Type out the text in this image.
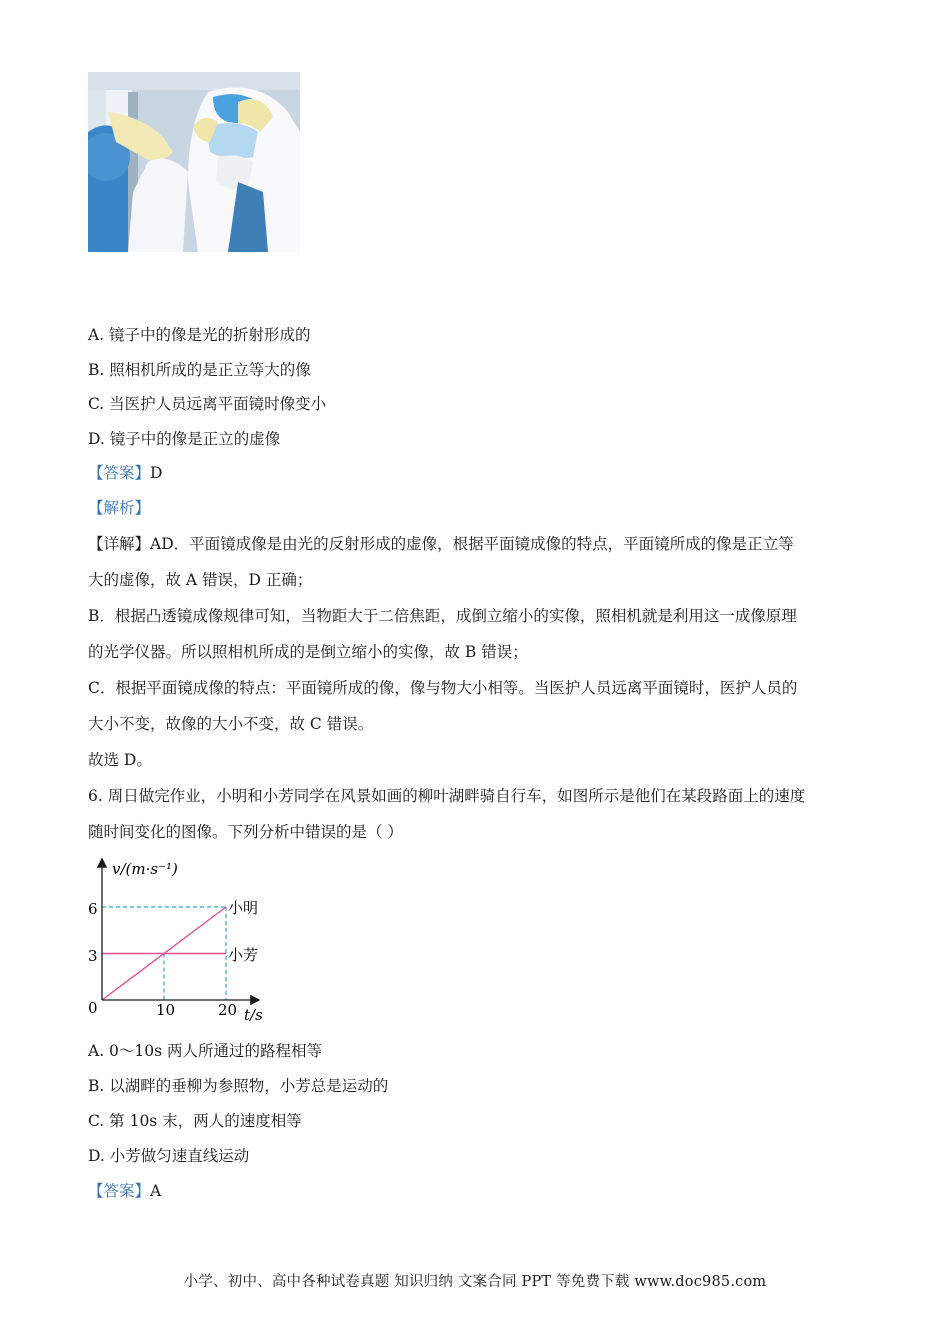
A. 镜子中的像是光的折射形成的
B. 照相机所成的是正立等大的像
C. 当医护人员远离平面镜时像变小
D. 镜子中的像是正立的虚像
【答案】D
【解析】
【详解】AD．平面镜成像是由光的反射形成的虚像，根据平面镜成像的特点，平面镜所成的像是正立等
大的虚像，故 A 错误，D 正确；
B．根据凸透镜成像规律可知，当物距大于二倍焦距，成倒立缩小的实像，照相机就是利用这一成像原理
的光学仪器。所以照相机所成的是倒立缩小的实像，故 B 错误；
C．根据平面镜成像的特点：平面镜所成的像，像与物大小相等。当医护人员远离平面镜时，医护人员的
大小不变，故像的大小不变，故 C 错误。
故选 D。
6. 周日做完作业，小明和小芳同学在风景如画的柳叶湖畔骑自行车，如图所示是他们在某段路面上的速度
随时间变化的图像。下列分析中错误的是（ ）
v/(m·s⁻¹)
t/s
0
3
6
10	20
小明
小芳
A. 0～10s 两人所通过的路程相等
B. 以湖畔的垂柳为参照物，小芳总是运动的
C. 第 10s 末，两人的速度相等
D. 小芳做匀速直线运动
【答案】A
小学、初中、高中各种试卷真题 知识归纳 文案合同 PPT 等免费下载 www.doc985.com
